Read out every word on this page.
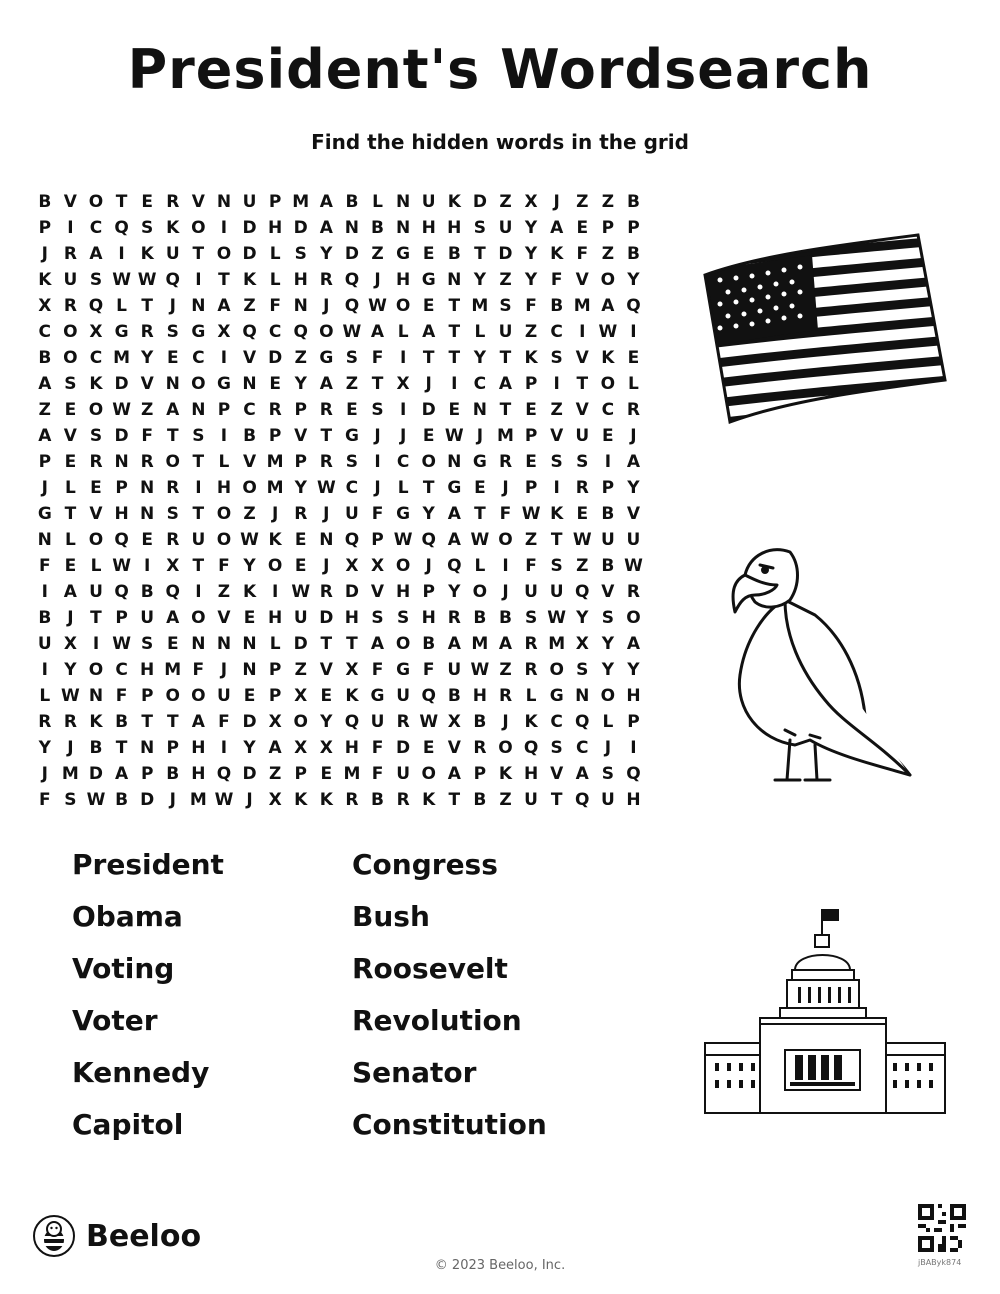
President's Wordsearch
Find the hidden words in the grid
B V O T E R V N U P M A B L N U K D Z X J Z Z B
P I C Q S K O I D H D A N B N H H S U Y A E P P
J R A I K U T O D L S Y D Z G E B T D Y K F Z B
K U S W W Q I T K L H R Q J H G N Y Z Y F V O Y
X R Q L T J N A Z F N J Q W O E T M S F B M A Q
C O X G R S G X Q C Q O W A L A T L U Z C I W I
B O C M Y E C I V D Z G S F I T T Y T K S V K E
A S K D V N O G N E Y A Z T X J	I C A P I T O L
Z E O W Z A N P C R P R E S I D E N T E Z V C R
A V S D F T S I B P V T G J	J E W J M P V U E J
P E R N R O T L V M P R S I C O N G R E S S I A
J	L E P N R I H O M Y W C J	L T G E J P I R P Y
G T V H N S T O Z J R J U F G Y A T F W K E B V
N L O Q E R U O W K E N Q P W Q A W O Z T W U U
F E L W I X T F Y O E J X X O J Q L	I F S Z B W
I A U Q B Q I Z K I W R D V H P Y O J U U Q V R
B J T P U A O V E H U D H S S H R B B S W Y S O
U X I W S E N N N L D T T A O B A M A R M X Y A
I Y O C H M F J N P Z V X F G F U W Z R O S Y Y
L W N F P O O U E P X E K G U Q B H R L G N O H
R R K B T T A F D X O Y Q U R W X B J K C Q L P
Y J B T N P H I Y A X X H F D E V R O Q S C J	I
J M D A P B H Q D Z P E M F U O A P K H V A S Q
F S W B D J M W J X K K R B R K T B Z U T Q U H
President	Congress
Obama	Bush
Voting	Roosevelt
Voter	Revolution
Kennedy	Senator
Capitol	Constitution
Beeloo
© 2023 Beeloo, Inc.	jBAByk874
